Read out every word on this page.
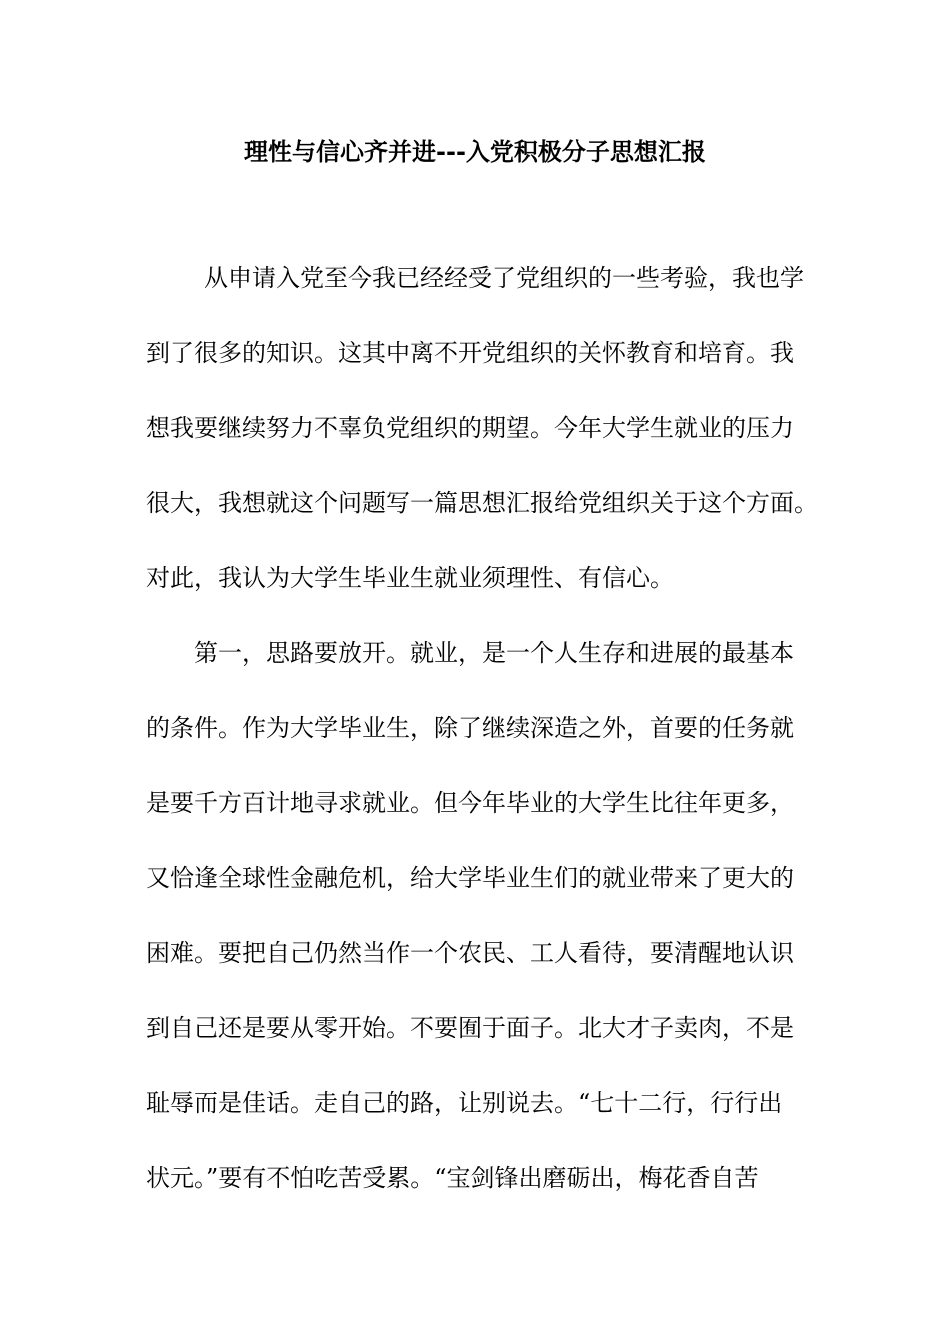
理性与信心齐并进---入党积极分子思想汇报
从申请入党至今我已经经受了党组织的一些考验，我也学
到了很多的知识。这其中离不开党组织的关怀教育和培育。我
想我要继续努力不辜负党组织的期望。今年大学生就业的压力
很大，我想就这个问题写一篇思想汇报给党组织关于这个方面。
对此，我认为大学生毕业生就业须理性、有信心。
第一，思路要放开。就业，是一个人生存和进展的最基本
的条件。作为大学毕业生，除了继续深造之外，首要的任务就
是要千方百计地寻求就业。但今年毕业的大学生比往年更多，
又恰逢全球性金融危机，给大学毕业生们的就业带来了更大的
困难。要把自己仍然当作一个农民、工人看待，要清醒地认识
到自己还是要从零开始。不要囿于面子。北大才子卖肉，不是
耻辱而是佳话。走自己的路，让别说去。“七十二行，行行出
状元。”要有不怕吃苦受累。“宝剑锋出磨砺出，梅花香自苦
